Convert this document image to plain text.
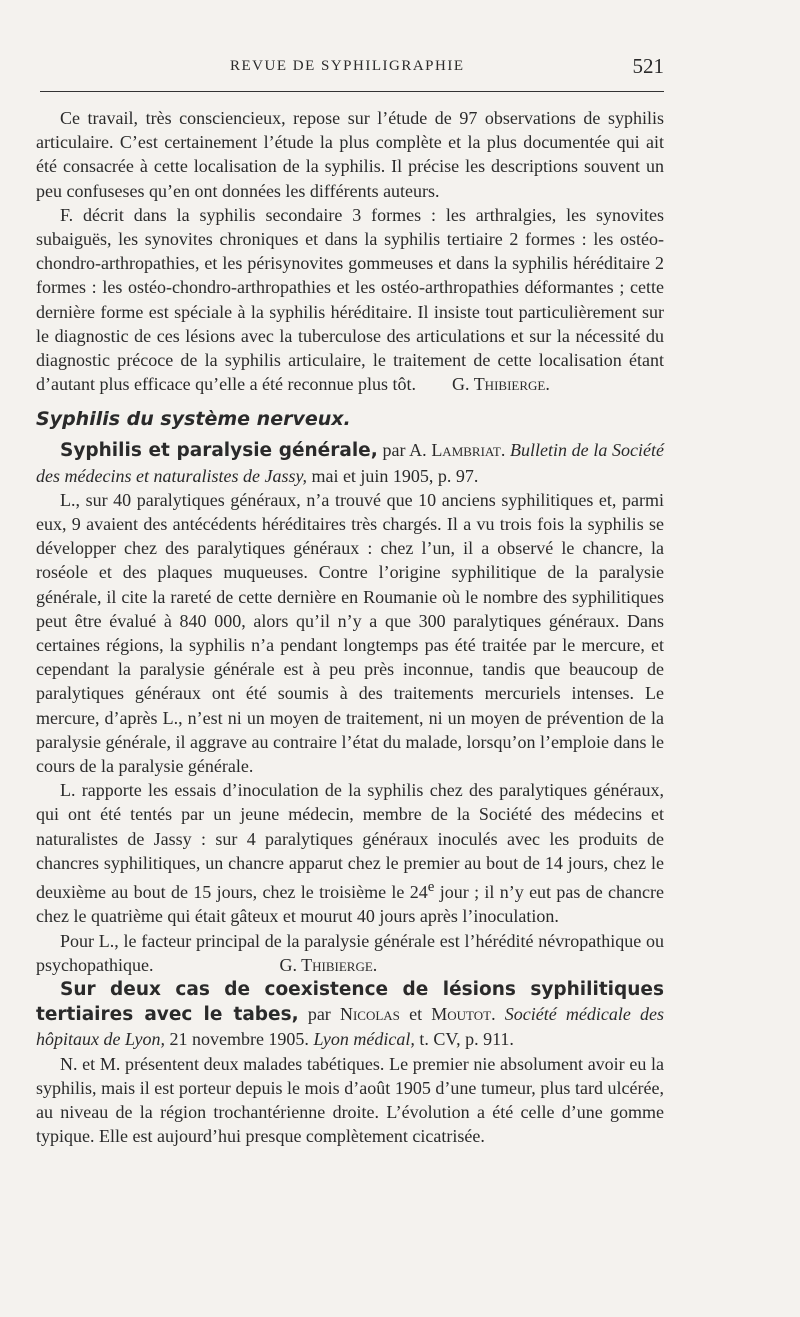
REVUE DE SYPHILIGRAPHIE	521

Ce travail, très consciencieux, repose sur l’étude de 97 observations de syphilis articulaire. C’est certainement l’étude la plus complète et la plus documentée qui ait été consacrée à cette localisation de la syphilis. Il précise les descriptions souvent un peu confuseses qu’en ont données les différents auteurs.

F. décrit dans la syphilis secondaire 3 formes : les arthralgies, les synovites subaiguës, les synovites chroniques et dans la syphilis tertiaire 2 formes : les ostéo-chondro-arthropathies, et les périsynovites gommeuses et dans la syphilis héréditaire 2 formes : les ostéo-chondro-arthropathies et les ostéo-arthropathies déformantes ; cette dernière forme est spéciale à la syphilis héréditaire. Il insiste tout particulièrement sur le diagnostic de ces lésions avec la tuberculose des articulations et sur la nécessité du diagnostic précoce de la syphilis articulaire, le traitement de cette localisation étant d’autant plus efficace qu’elle a été reconnue plus tôt.   G. Thibierge.

Syphilis du système nerveux.

Syphilis et paralysie générale, par A. Lambriat. Bulletin de la Société des médecins et naturalistes de Jassy, mai et juin 1905, p. 97.

L., sur 40 paralytiques généraux, n’a trouvé que 10 anciens syphilitiques et, parmi eux, 9 avaient des antécédents héréditaires très chargés. Il a vu trois fois la syphilis se développer chez des paralytiques généraux : chez l’un, il a observé le chancre, la roséole et des plaques muqueuses. Contre l’origine syphilitique de la paralysie générale, il cite la rareté de cette dernière en Roumanie où le nombre des syphilitiques peut être évalué à 840 000, alors qu’il n’y a que 300 paralytiques généraux. Dans certaines régions, la syphilis n’a pendant longtemps pas été traitée par le mercure, et cependant la paralysie générale est à peu près inconnue, tandis que beaucoup de paralytiques généraux ont été soumis à des traitements mercuriels intenses. Le mercure, d’après L., n’est ni un moyen de traitement, ni un moyen de prévention de la paralysie générale, il aggrave au contraire l’état du malade, lorsqu’on l’emploie dans le cours de la paralysie générale.

L. rapporte les essais d’inoculation de la syphilis chez des paralytiques généraux, qui ont été tentés par un jeune médecin, membre de la Société des médecins et naturalistes de Jassy : sur 4 paralytiques généraux inoculés avec les produits de chancres syphilitiques, un chancre apparut chez le premier au bout de 14 jours, chez le deuxième au bout de 15 jours, chez le troisième le 24e jour ; il n’y eut pas de chancre chez le quatrième qui était gâteux et mourut 40 jours après l’inoculation.

Pour L., le facteur principal de la paralysie générale est l’hérédité névropathique ou psychopathique.       	G. Thibierge.

Sur deux cas de coexistence de lésions syphilitiques tertiaires avec le tabes, par Nicolas et Moutot. Société médicale des hôpitaux de Lyon, 21 novembre 1905. Lyon médical, t. CV, p. 911.

N. et M. présentent deux malades tabétiques. Le premier nie absolument avoir eu la syphilis, mais il est porteur depuis le mois d’août 1905 d’une tumeur, plus tard ulcérée, au niveau de la région trochantérienne droite. L’évolution a été celle d’une gomme typique. Elle est aujourd’hui presque complètement cicatrisée.
